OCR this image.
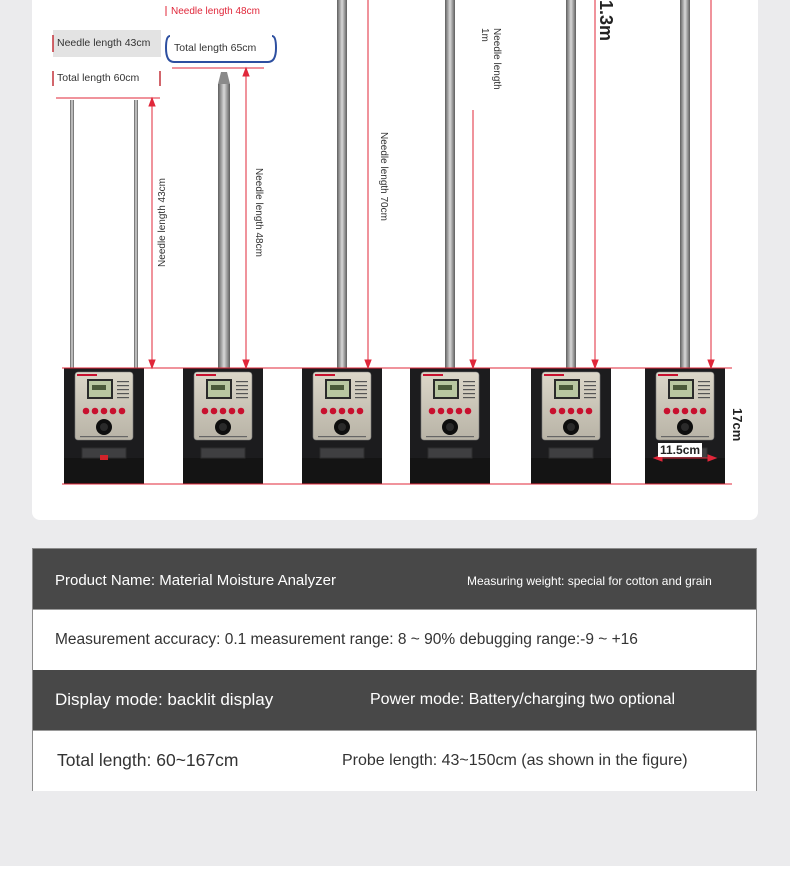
Needle length 48cm
Needle length 43cm Total length 65cm
Total length 60cm
Needle length 43cm	Needle length 48cm	Needle length 70cm
Needle length 1m	1.3m
11.5cm
17cm
Product Name: Material Moisture Analyzer	Measuring weight: special for cotton and grain
Measurement accuracy: 0.1 measurement range: 8 ~ 90% debugging range:-9 ~ +16
Display mode: backlit display	Power mode: Battery/charging two optional
Total length: 60~167cm	Probe length: 43~150cm (as shown in the figure)
